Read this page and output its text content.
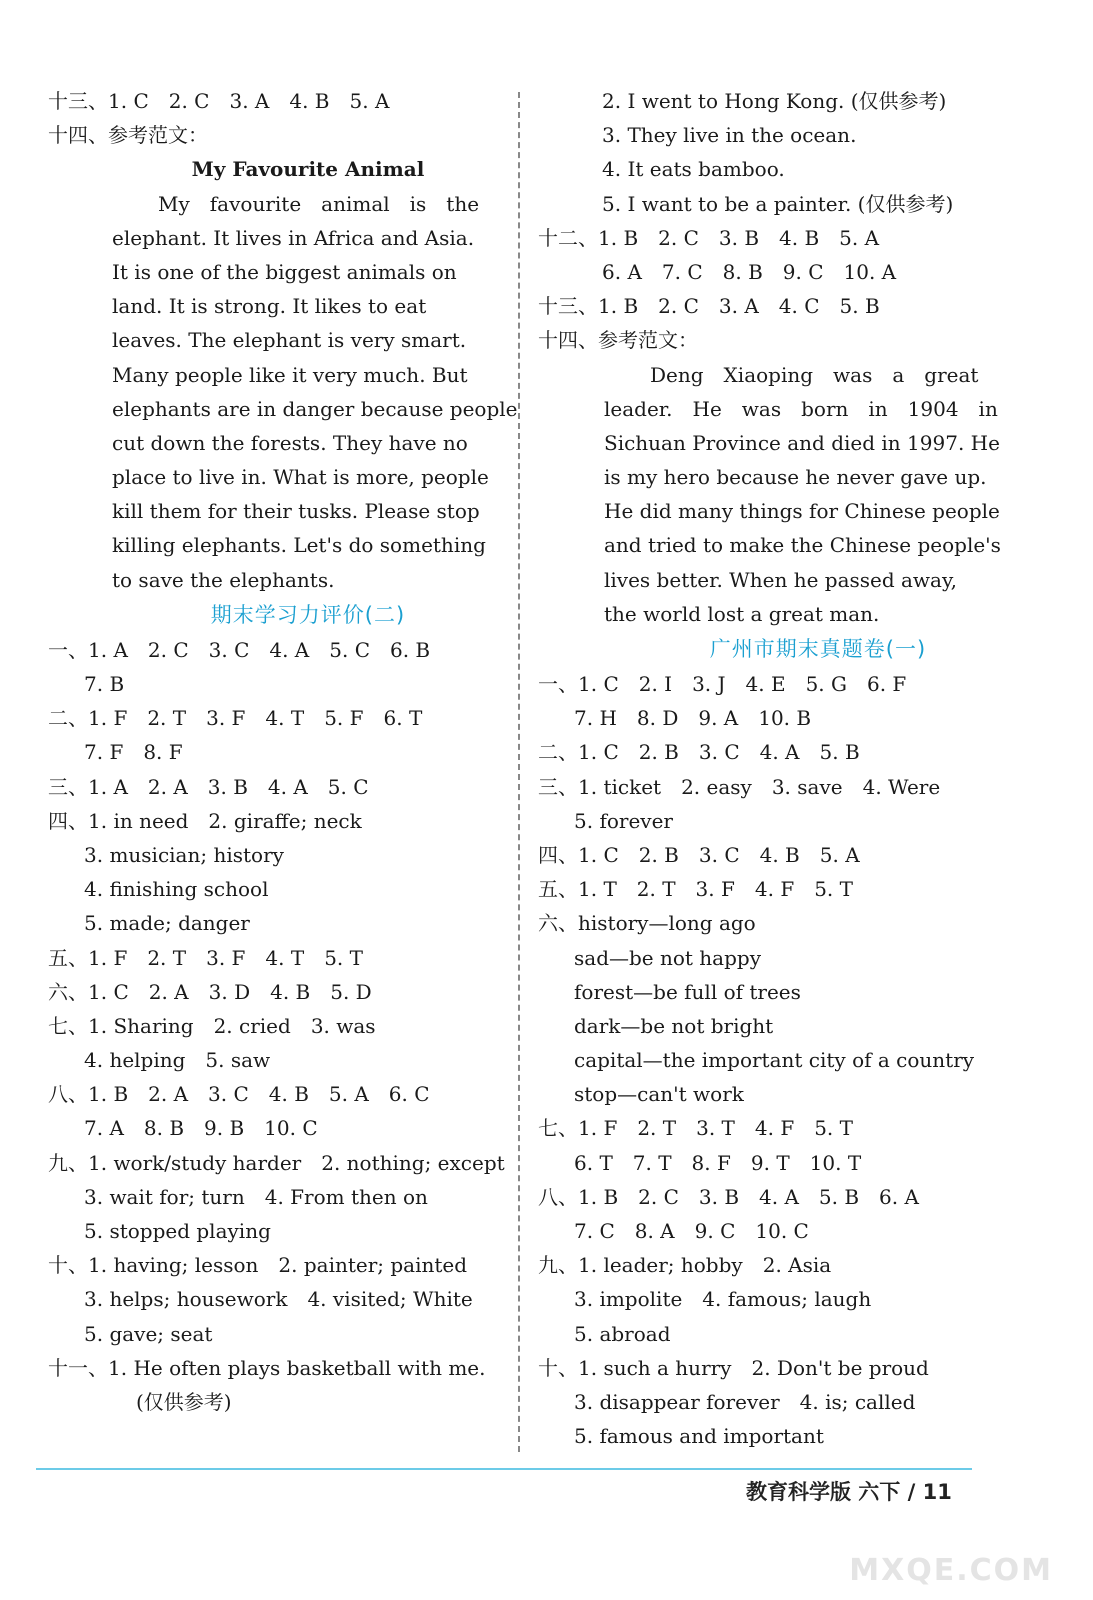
十三、1. C　2. C　3. A　4. B　5. A
十四、参考范文：
My Favourite Animal
My　favourite　animal　is　the
elephant. It lives in Africa and Asia.
It is one of the biggest animals on
land. It is strong. It likes to eat
leaves. The elephant is very smart.
Many people like it very much. But
elephants are in danger because people
cut down the forests. They have no
place to live in. What is more, people
kill them for their tusks. Please stop
killing elephants. Let's do something
to save the elephants.
期末学习力评价(二)
一、1. A　2. C　3. C　4. A　5. C　6. B
7. B
二、1. F　2. T　3. F　4. T　5. F　6. T
7. F　8. F
三、1. A　2. A　3. B　4. A　5. C
四、1. in need　2. giraffe; neck
3. musician; history
4. finishing school
5. made; danger
五、1. F　2. T　3. F　4. T　5. T
六、1. C　2. A　3. D　4. B　5. D
七、1. Sharing　2. cried　3. was
4. helping　5. saw
八、1. B　2. A　3. C　4. B　5. A　6. C
7. A　8. B　9. B　10. C
九、1. work/study harder　2. nothing; except
3. wait for; turn　4. From then on
5. stopped playing
十、1. having; lesson　2. painter; painted
3. helps; housework　4. visited; White
5. gave; seat
十一、1. He often plays basketball with me.
(仅供参考)
2. I went to Hong Kong. (仅供参考)
3. They live in the ocean.
4. It eats bamboo.
5. I want to be a painter. (仅供参考)
十二、1. B　2. C　3. B　4. B　5. A
6. A　7. C　8. B　9. C　10. A
十三、1. B　2. C　3. A　4. C　5. B
十四、参考范文：
Deng　Xiaoping　was　a　great
leader.　He　was　born　in　1904　in
Sichuan Province and died in 1997. He
is my hero because he never gave up.
He did many things for Chinese people
and tried to make the Chinese people's
lives better. When he passed away,
the world lost a great man.
广州市期末真题卷(一)
一、1. C　2. I　3. J　4. E　5. G　6. F
7. H　8. D　9. A　10. B
二、1. C　2. B　3. C　4. A　5. B
三、1. ticket　2. easy　3. save　4. Were
5. forever
四、1. C　2. B　3. C　4. B　5. A
五、1. T　2. T　3. F　4. F　5. T
六、history—long ago
sad—be not happy
forest—be full of trees
dark—be not bright
capital—the important city of a country
stop—can't work
七、1. F　2. T　3. T　4. F　5. T
6. T　7. T　8. F　9. T　10. T
八、1. B　2. C　3. B　4. A　5. B　6. A
7. C　8. A　9. C　10. C
九、1. leader; hobby　2. Asia
3. impolite　4. famous; laugh
5. abroad
十、1. such a hurry　2. Don't be proud
3. disappear forever　4. is; called
5. famous and important
教育科学版 六下 / 11
MXQE.COM
